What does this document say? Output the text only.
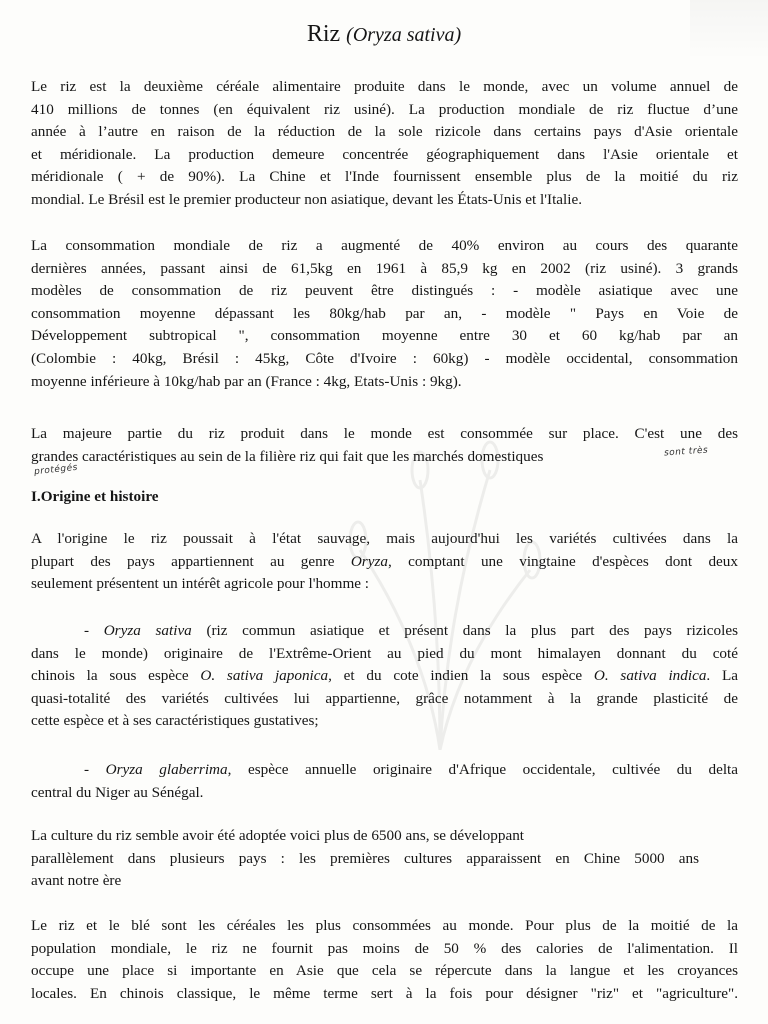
Riz (Oryza sativa)
Le riz est la deuxième céréale alimentaire produite dans le monde, avec un volume annuel de
410 millions de tonnes (en équivalent riz usiné). La production mondiale de riz fluctue d’une
année à l’autre en raison de la réduction de la sole rizicole dans certains pays d'Asie orientale
et méridionale. La production demeure concentrée géographiquement dans l'Asie orientale et
méridionale ( + de 90%). La Chine et l'Inde fournissent ensemble plus de la moitié du riz
mondial. Le Brésil est le premier producteur non asiatique, devant les États-Unis et l'Italie.
La consommation mondiale de riz a augmenté de 40% environ au cours des quarante
dernières années, passant ainsi de 61,5kg en 1961 à 85,9 kg en 2002 (riz usiné). 3 grands
modèles de consommation de riz peuvent être distingués : - modèle asiatique avec une
consommation moyenne dépassant les 80kg/hab par an, - modèle " Pays en Voie de
Développement subtropical ", consommation moyenne entre 30 et 60 kg/hab par an
(Colombie : 40kg, Brésil : 45kg, Côte d'Ivoire : 60kg) - modèle occidental, consommation
moyenne inférieure à 10kg/hab par an (France : 4kg, Etats-Unis : 9kg).
La majeure partie du riz produit dans le monde est consommée sur place. C'est une des
grandes caractéristiques au sein de la filière riz qui fait que les marchés domestiques	sont très
protégés
I.Origine et histoire
A l'origine le riz poussait à l'état sauvage, mais aujourd'hui les variétés cultivées dans la
plupart des pays appartiennent au genre Oryza, comptant une vingtaine d'espèces dont deux
seulement présentent un intérêt agricole pour l'homme :
- Oryza sativa (riz commun asiatique et présent dans la plus part des pays rizicoles
dans le monde) originaire de l'Extrême-Orient au pied du mont himalayen donnant du coté
chinois la sous espèce O. sativa japonica, et du cote indien la sous espèce O. sativa indica. La
quasi-totalité des variétés cultivées lui appartienne, grâce notamment à la grande plasticité de
cette espèce et à ses caractéristiques gustatives;
- Oryza glaberrima, espèce annuelle originaire d'Afrique occidentale, cultivée du delta
central du Niger au Sénégal.
La culture du riz semble avoir été adoptée voici plus de 6500 ans, se développant
parallèlement dans plusieurs pays : les premières cultures apparaissent en Chine 5000 ans
avant notre ère
Le riz et le blé sont les céréales les plus consommées au monde. Pour plus de la moitié de la
population mondiale, le riz ne fournit pas moins de 50 % des calories de l'alimentation. Il
occupe une place si importante en Asie que cela se répercute dans la langue et les croyances
locales. En chinois classique, le même terme sert à la fois pour désigner "riz" et "agriculture".
